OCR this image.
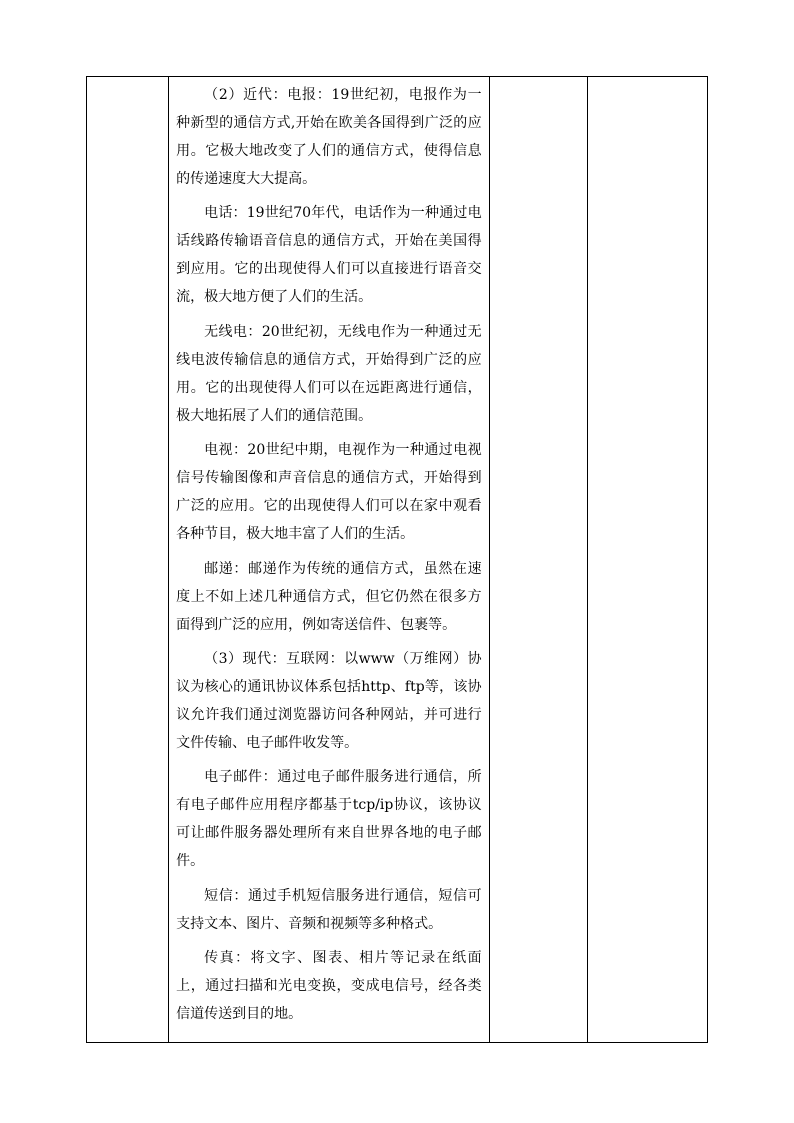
（2）近代：电报：19世纪初，电报作为一种新型的通信方式,开始在欧美各国得到广泛的应用。它极大地改变了人们的通信方式，使得信息的传递速度大大提高。

电话：19世纪70年代，电话作为一种通过电话线路传输语音信息的通信方式，开始在美国得到应用。它的出现使得人们可以直接进行语音交流，极大地方便了人们的生活。

无线电：20世纪初，无线电作为一种通过无线电波传输信息的通信方式，开始得到广泛的应用。它的出现使得人们可以在远距离进行通信，极大地拓展了人们的通信范围。

电视：20世纪中期，电视作为一种通过电视信号传输图像和声音信息的通信方式，开始得到广泛的应用。它的出现使得人们可以在家中观看各种节目，极大地丰富了人们的生活。

邮递：邮递作为传统的通信方式，虽然在速度上不如上述几种通信方式，但它仍然在很多方面得到广泛的应用，例如寄送信件、包裹等。

（3）现代：互联网：以www（万维网）协议为核心的通讯协议体系包括http、ftp等，该协议允许我们通过浏览器访问各种网站，并可进行文件传输、电子邮件收发等。

电子邮件：通过电子邮件服务进行通信，所有电子邮件应用程序都基于tcp/ip协议，该协议可让邮件服务器处理所有来自世界各地的电子邮件。

短信：通过手机短信服务进行通信，短信可支持文本、图片、音频和视频等多种格式。

传真：将文字、图表、相片等记录在纸面上，通过扫描和光电变换，变成电信号，经各类信道传送到目的地。
